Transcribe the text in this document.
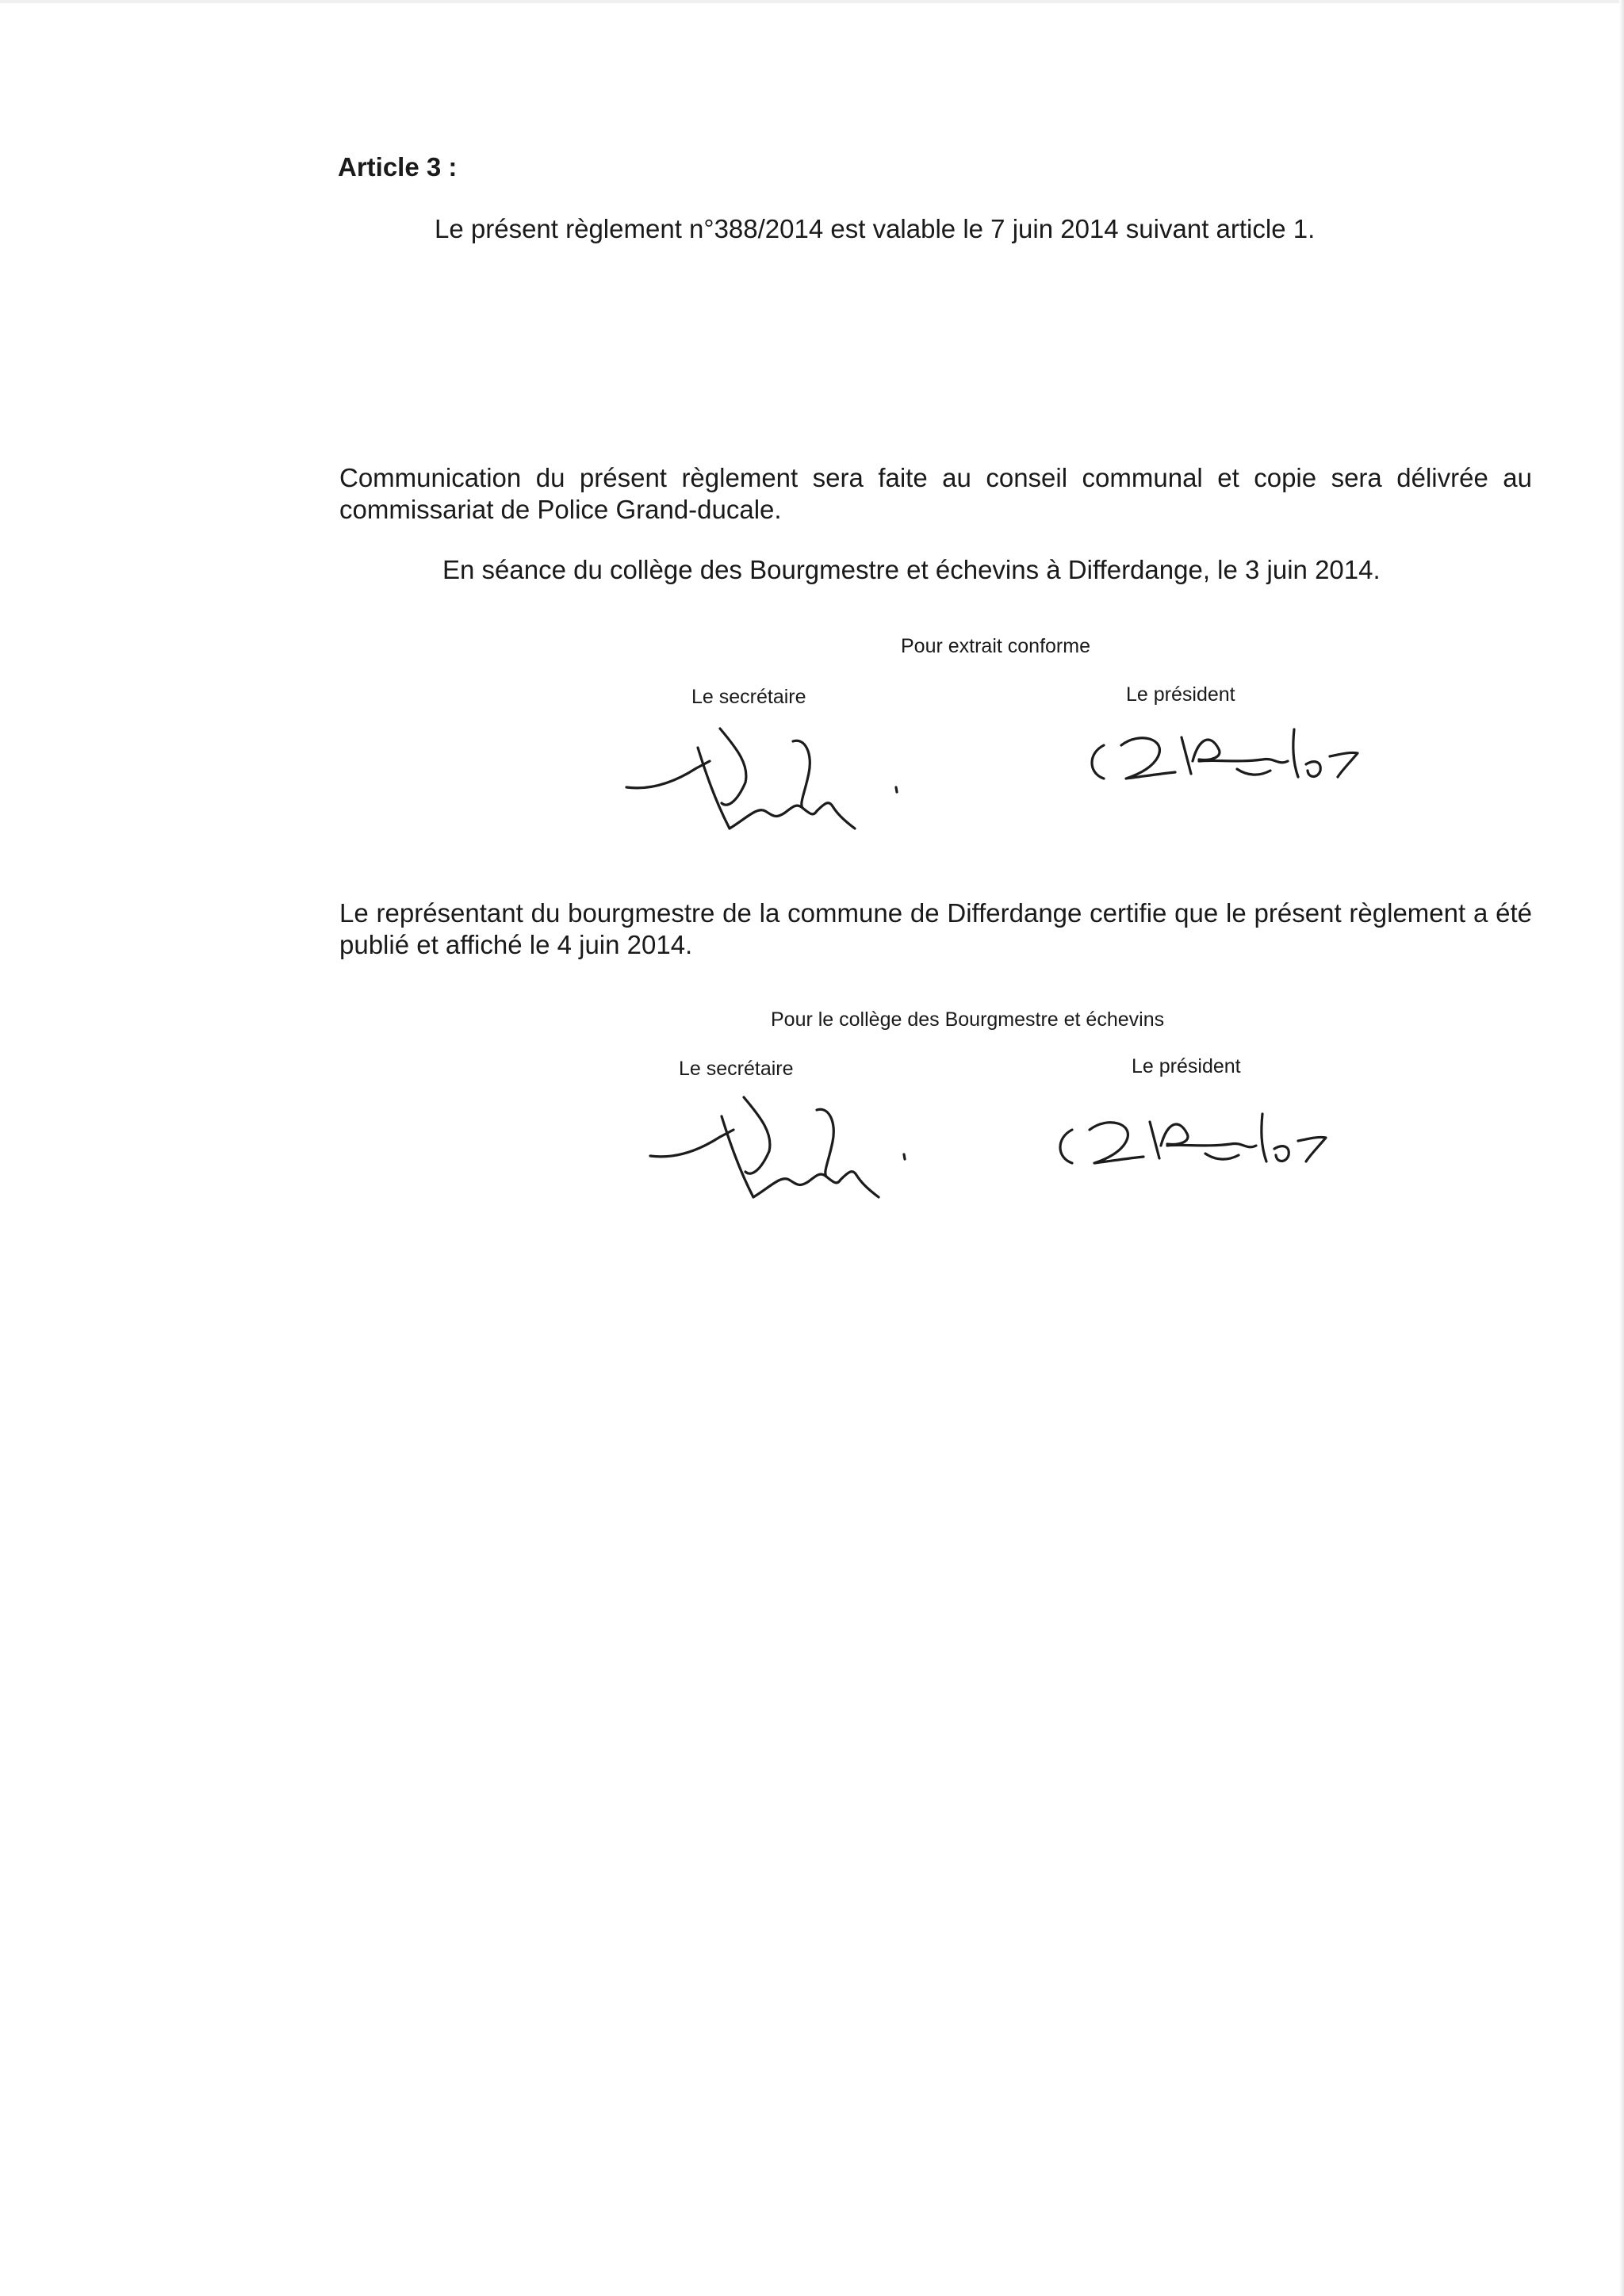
Article 3 :
Le présent règlement n°388/2014 est valable le 7 juin 2014 suivant article 1.
Communication du présent règlement sera faite au conseil communal et copie sera délivrée au commissariat de Police Grand-ducale.
En séance du collège des Bourgmestre et échevins à Differdange, le 3 juin 2014.
Pour extrait conforme
Le secrétaire	Le président
Le représentant du bourgmestre de la commune de Differdange certifie que le présent règlement a été publié et affiché le 4 juin 2014.
Pour le collège des Bourgmestre et échevins
Le secrétaire	Le président
